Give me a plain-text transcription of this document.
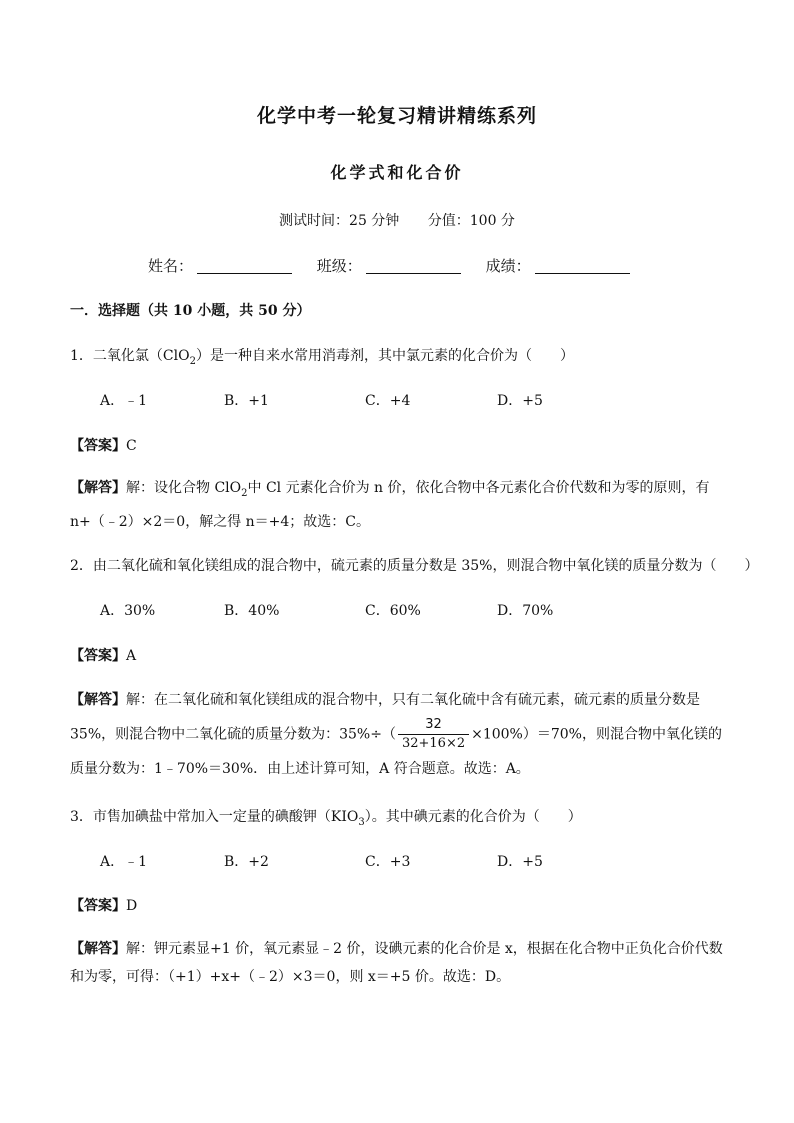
化学中考一轮复习精讲精练系列
化学式和化合价
测试时间：25 分钟 分值：100 分
姓名：	班级：	成绩：
一．选择题（共 10 小题，共 50 分）
1．二氧化氯（ClO$_2$）是一种自来水常用消毒剂，其中氯元素的化合价为（　　）
A．﹣1	B．+1	C．+4	D．+5
【答案】C
【解答】解：设化合物 ClO$_2$中 Cl 元素化合价为 n 价，依化合物中各元素化合价代数和为零的原则，有 n+（﹣2）×2＝0，解之得 n＝+4；故选：C。
2．由二氧化硫和氧化镁组成的混合物中，硫元素的质量分数是 35%，则混合物中氧化镁的质量分数为（　　）
A．30%	B．40%	C．60%	D．70%
【答案】A
【解答】解：在二氧化硫和氧化镁组成的混合物中，只有二氧化硫中含有硫元素，硫元素的质量分数是 35%，则混合物中二氧化硫的质量分数为：$35\%\div( \frac{32}{32+16\times 2} \times 100\%)=70\%$，则混合物中氧化镁的质量分数为：1﹣70%＝30%．由上述计算可知，A 符合题意。故选：A。
3．市售加碘盐中常加入一定量的碘酸钾$(KIO_3)$。其中碘元素的化合价为（　　）
A．﹣1	B．+2	C．+3	D．+5
【答案】D
【解答】解：钾元素显+1 价，氧元素显﹣2 价，设碘元素的化合价是 x，根据在化合物中正负化合价代数和为零，可得：（+1）+x+（﹣2）×3＝0，则 x＝+5 价。故选：D。
